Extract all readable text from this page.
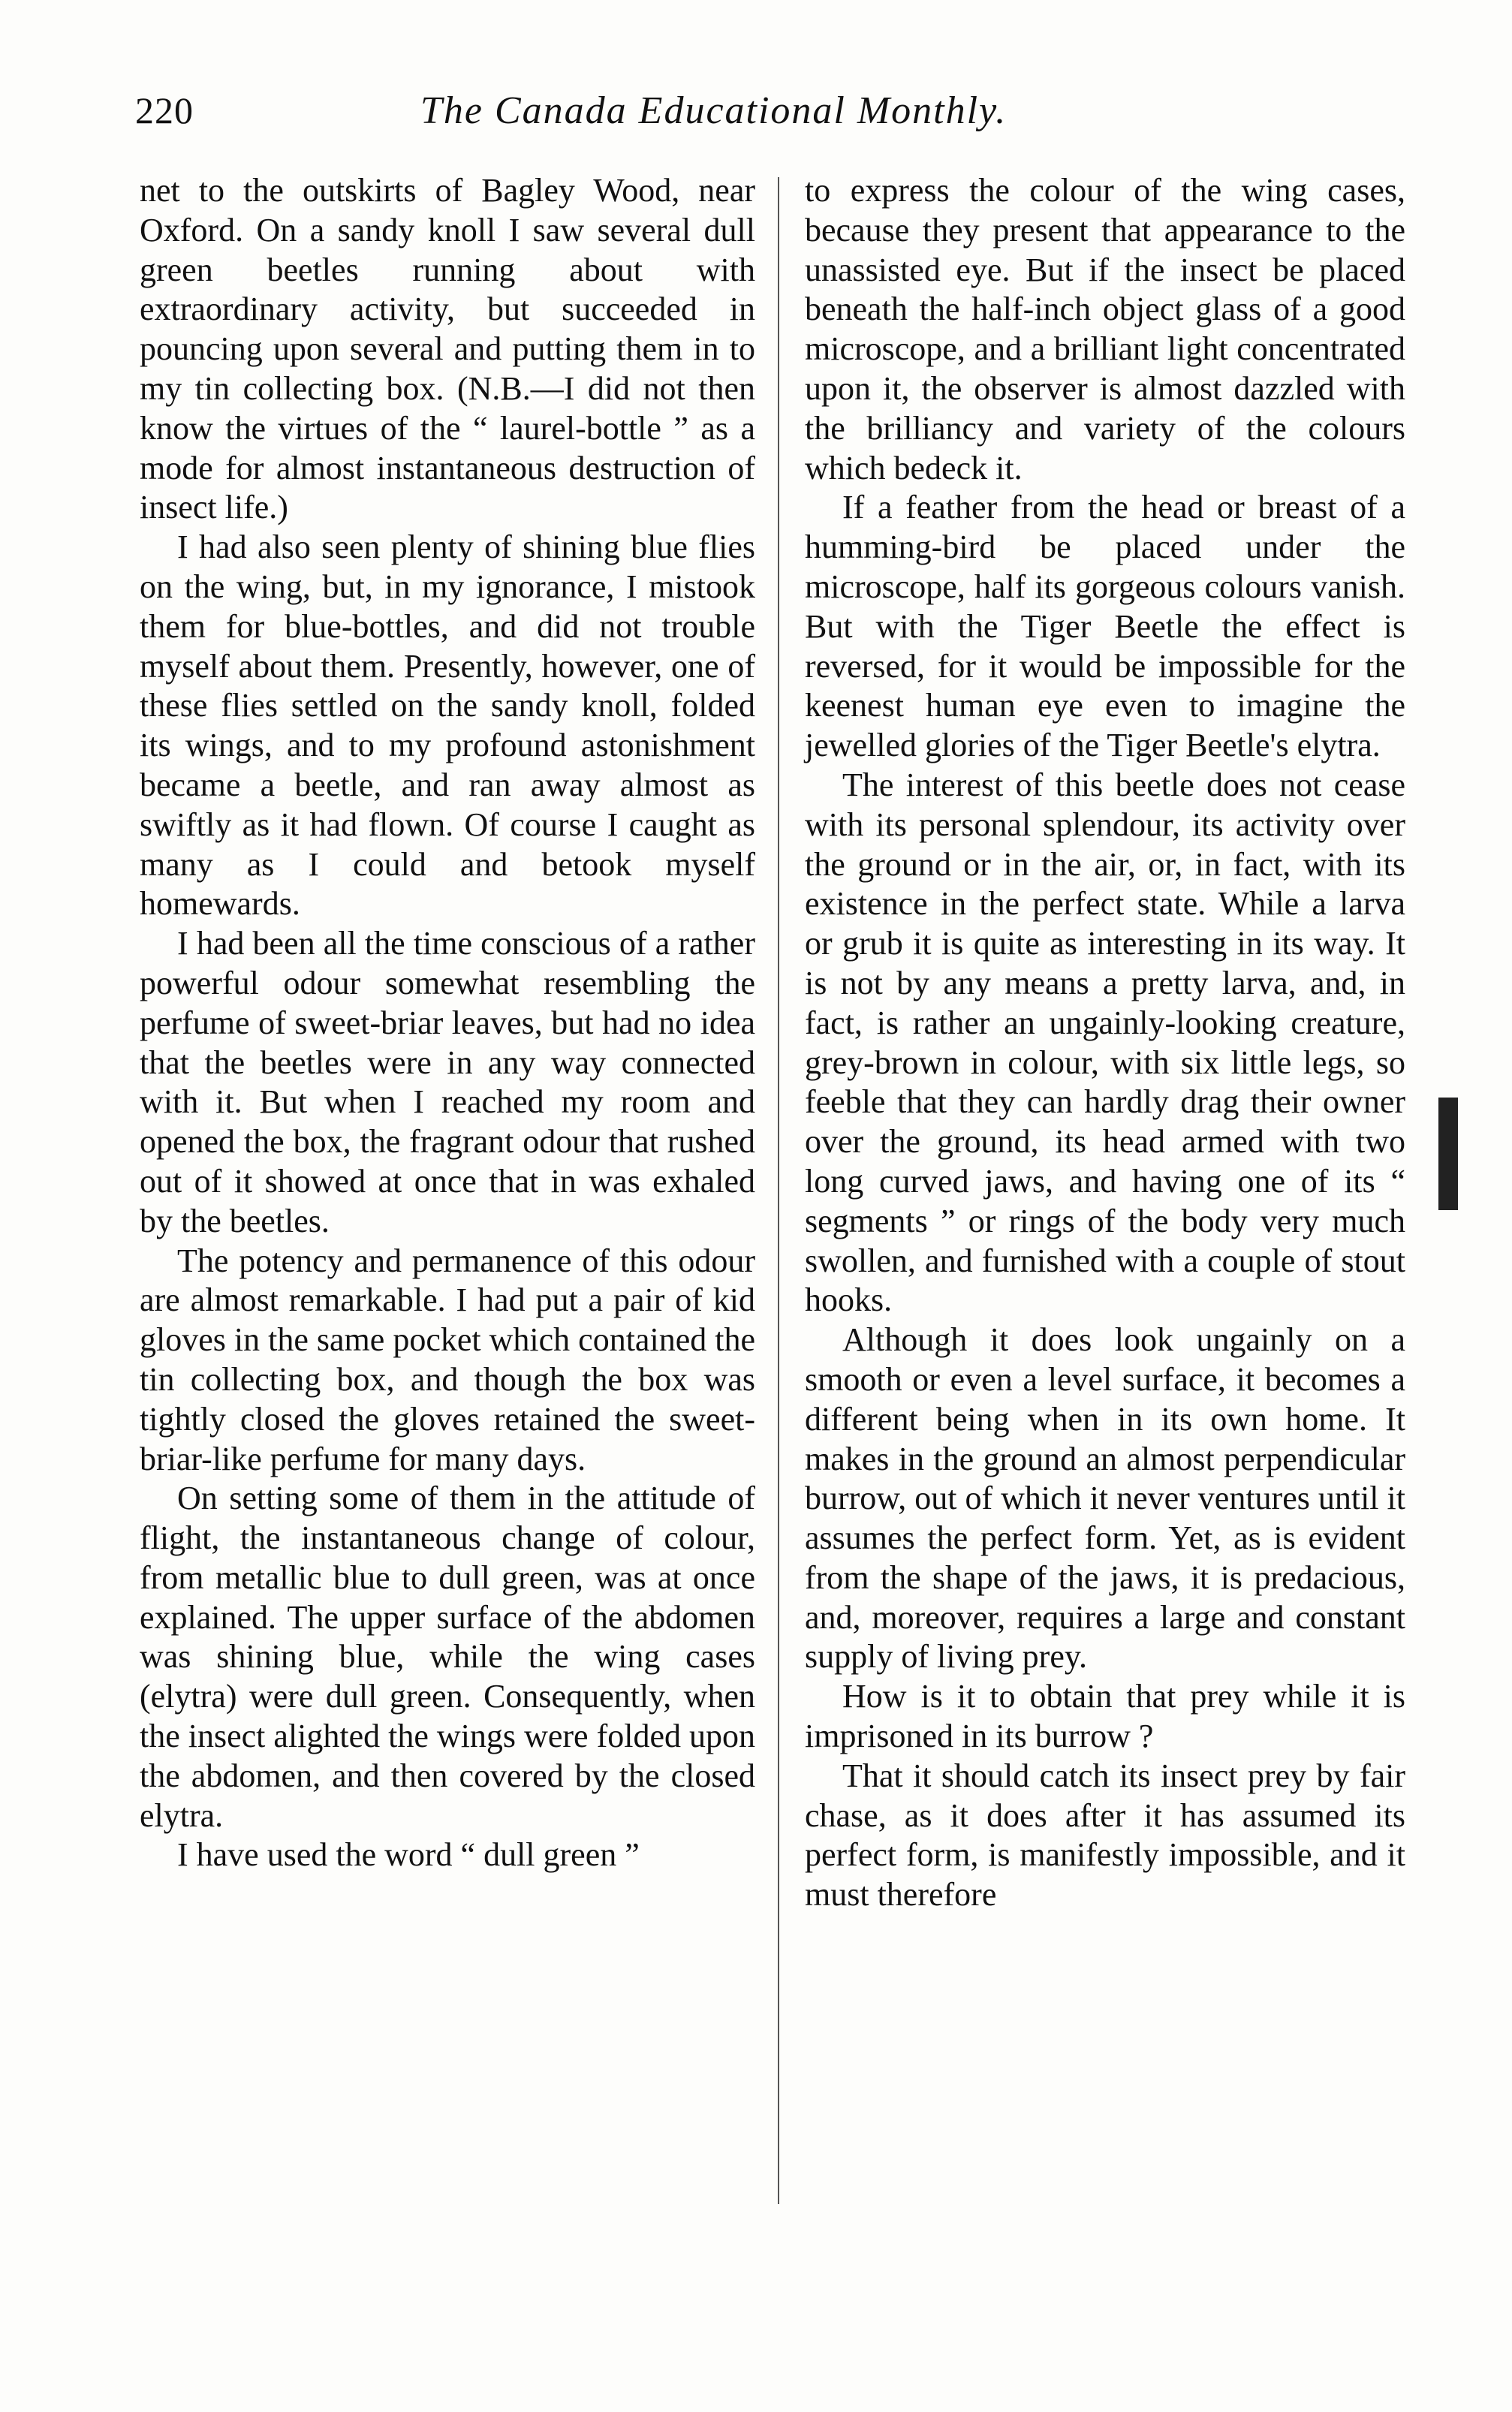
220	The Canada Educational Monthly.

net to the outskirts of Bagley Wood, near Oxford. On a sandy knoll I saw several dull green beetles running about with extraordinary activity, but succeeded in pouncing upon several and putting them in to my tin collecting box. (N.B.—I did not then know the virtues of the “ laurel-bottle ” as a mode for almost instantaneous destruction of insect life.)

I had also seen plenty of shining blue flies on the wing, but, in my ignorance, I mistook them for blue-bottles, and did not trouble myself about them. Presently, however, one of these flies settled on the sandy knoll, folded its wings, and to my profound astonishment became a beetle, and ran away almost as swiftly as it had flown. Of course I caught as many as I could and betook myself homewards.

I had been all the time conscious of a rather powerful odour somewhat resembling the perfume of sweet-briar leaves, but had no idea that the beetles were in any way connected with it. But when I reached my room and opened the box, the fragrant odour that rushed out of it showed at once that in was exhaled by the beetles.

The potency and permanence of this odour are almost remarkable. I had put a pair of kid gloves in the same pocket which contained the tin collecting box, and though the box was tightly closed the gloves retained the sweet-briar-like perfume for many days.

On setting some of them in the attitude of flight, the instantaneous change of colour, from metallic blue to dull green, was at once explained. The upper surface of the abdomen was shining blue, while the wing cases (elytra) were dull green. Consequently, when the insect alighted the wings were folded upon the abdomen, and then covered by the closed elytra.

I have used the word “ dull green ”

to express the colour of the wing cases, because they present that appearance to the unassisted eye. But if the insect be placed beneath the half-inch object glass of a good microscope, and a brilliant light concentrated upon it, the observer is almost dazzled with the brilliancy and variety of the colours which bedeck it.

If a feather from the head or breast of a humming-bird be placed under the microscope, half its gorgeous colours vanish. But with the Tiger Beetle the effect is reversed, for it would be impossible for the keenest human eye even to imagine the jewelled glories of the Tiger Beetle's elytra.

The interest of this beetle does not cease with its personal splendour, its activity over the ground or in the air, or, in fact, with its existence in the perfect state. While a larva or grub it is quite as interesting in its way. It is not by any means a pretty larva, and, in fact, is rather an ungainly-looking creature, grey-brown in colour, with six little legs, so feeble that they can hardly drag their owner over the ground, its head armed with two long curved jaws, and having one of its “ segments ” or rings of the body very much swollen, and furnished with a couple of stout hooks.

Although it does look ungainly on a smooth or even a level surface, it becomes a different being when in its own home. It makes in the ground an almost perpendicular burrow, out of which it never ventures until it assumes the perfect form. Yet, as is evident from the shape of the jaws, it is predacious, and, moreover, requires a large and constant supply of living prey.

How is it to obtain that prey while it is imprisoned in its burrow ?

That it should catch its insect prey by fair chase, as it does after it has assumed its perfect form, is manifestly impossible, and it must therefore
